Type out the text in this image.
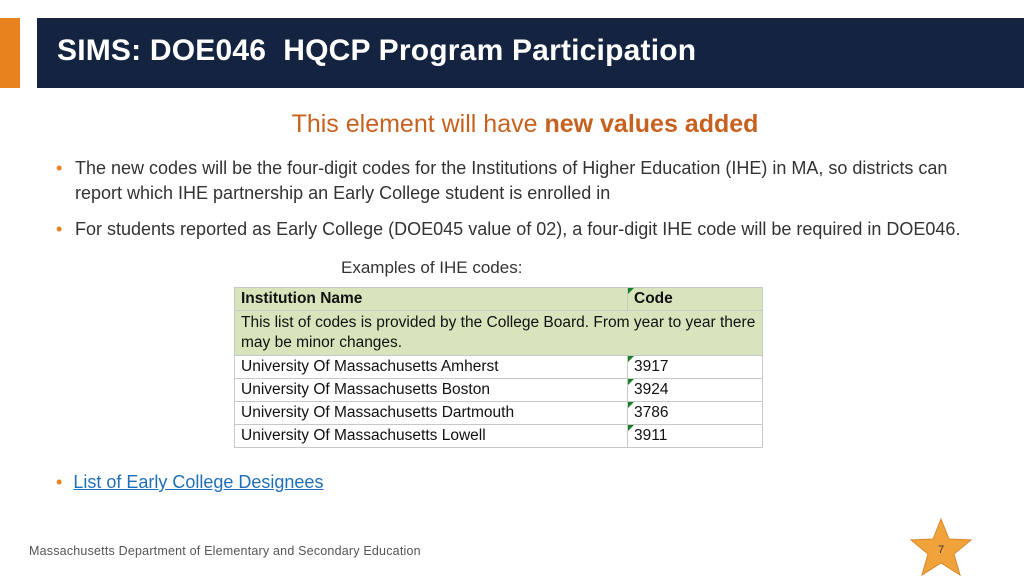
SIMS: DOE046  HQCP Program Participation
This element will have new values added
• The new codes will be the four-digit codes for the Institutions of Higher Education (IHE) in MA, so districts can report which IHE partnership an Early College student is enrolled in
• For students reported as Early College (DOE045 value of 02), a four-digit IHE code will be required in DOE046.
Examples of IHE codes:
This list of codes is provided by the College Board. From year to year there may be minor changes.	
Institution Name	Code
University Of Massachusetts Amherst	3917
University Of Massachusetts Boston	3924
University Of Massachusetts Dartmouth	3786
University Of Massachusetts Lowell	3911
• List of Early College Designees
Massachusetts Department of Elementary and Secondary Education	7
